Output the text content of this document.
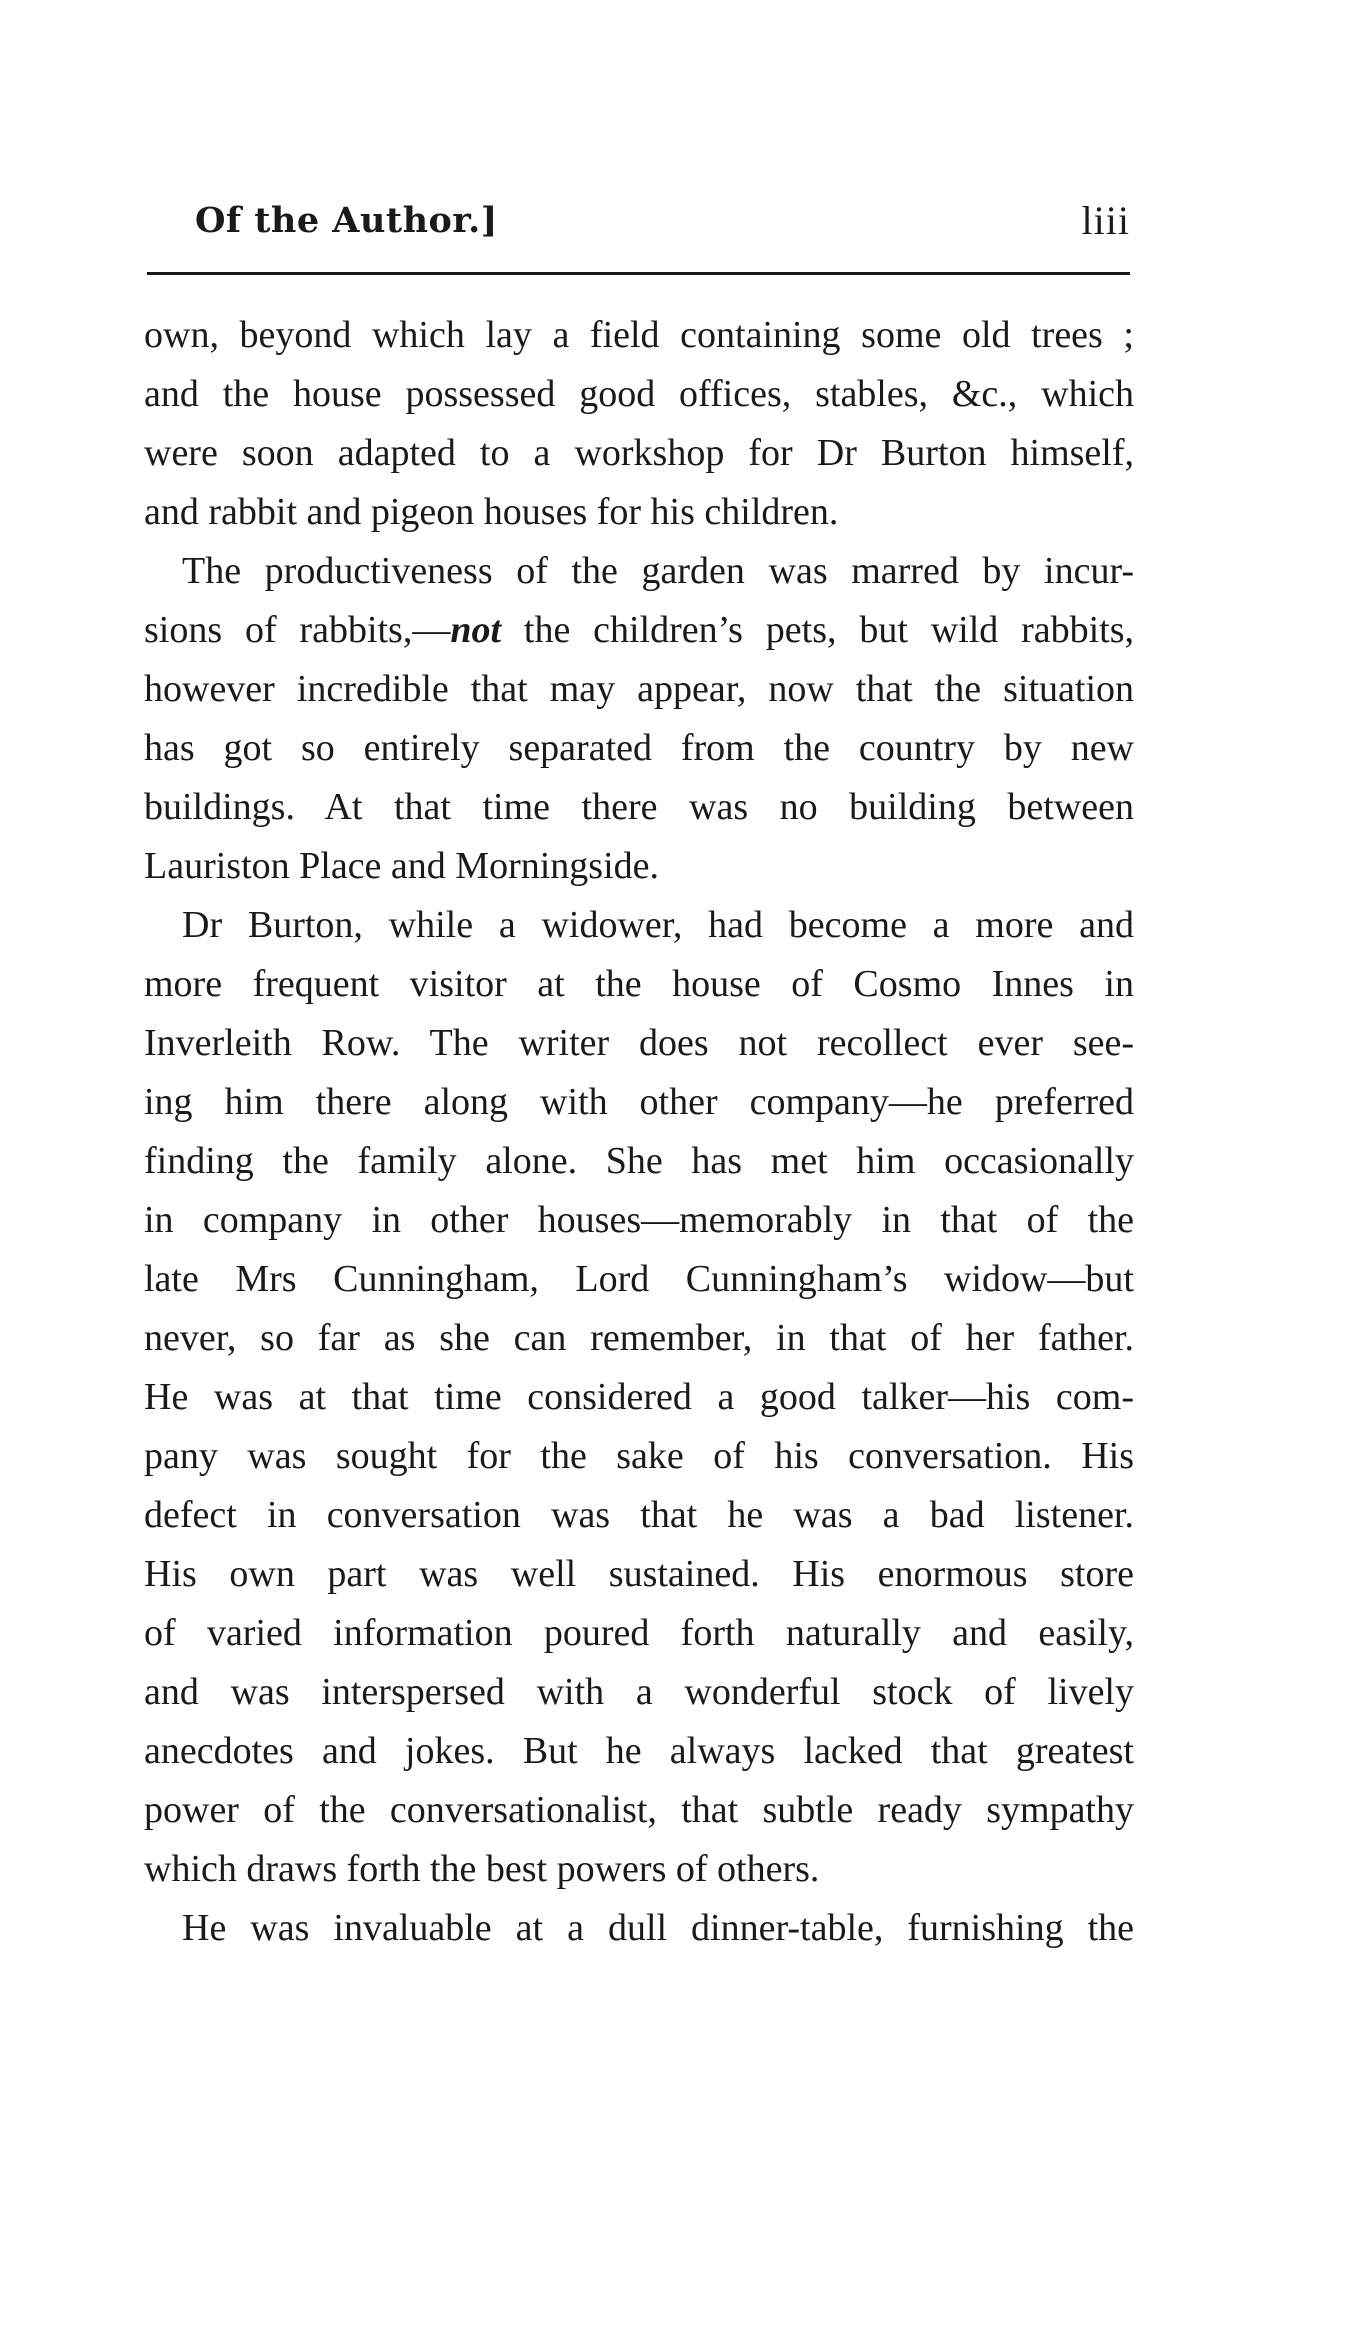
Of the Author.]	liii
own, beyond which lay a field containing some old trees ;
and the house possessed good offices, stables, &c., which
were soon adapted to a workshop for Dr Burton himself,
and rabbit and pigeon houses for his children.
The productiveness of the garden was marred by incur-
sions of rabbits,—not the children’s pets, but wild rabbits,
however incredible that may appear, now that the situation
has got so entirely separated from the country by new
buildings. At that time there was no building between
Lauriston Place and Morningside.
Dr Burton, while a widower, had become a more and
more frequent visitor at the house of Cosmo Innes in
Inverleith Row. The writer does not recollect ever see-
ing him there along with other company—he preferred
finding the family alone. She has met him occasionally
in company in other houses—memorably in that of the
late Mrs Cunningham, Lord Cunningham’s widow—but
never, so far as she can remember, in that of her father.
He was at that time considered a good talker—his com-
pany was sought for the sake of his conversation. His
defect in conversation was that he was a bad listener.
His own part was well sustained. His enormous store
of varied information poured forth naturally and easily,
and was interspersed with a wonderful stock of lively
anecdotes and jokes. But he always lacked that greatest
power of the conversationalist, that subtle ready sympathy
which draws forth the best powers of others.
He was invaluable at a dull dinner-table, furnishing the
